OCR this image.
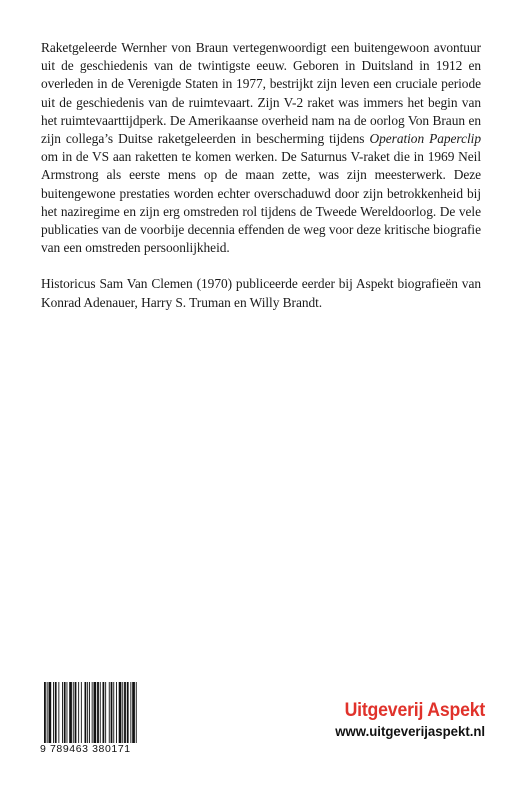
Raketgeleerde Wernher von Braun vertegenwoordigt een buitengewoon avontuur uit de geschiedenis van de twintigste eeuw. Geboren in Duitsland in 1912 en overleden in de Verenigde Staten in 1977, bestrijkt zijn leven een cruciale periode uit de geschiedenis van de ruimtevaart. Zijn V-2 raket was immers het begin van het ruimtevaarttijdperk. De Amerikaanse overheid nam na de oorlog Von Braun en zijn collega’s Duitse raketgeleerden in bescherming tijdens Operation Paperclip om in de VS aan raketten te komen werken. De Saturnus V-raket die in 1969 Neil Armstrong als eerste mens op de maan zette, was zijn meesterwerk. Deze buitengewone prestaties worden echter overschaduwd door zijn betrokkenheid bij het naziregime en zijn erg omstreden rol tijdens de Tweede Wereldoorlog. De vele publicaties van de voorbije decennia effenden de weg voor deze kritische biografie van een omstreden persoonlijkheid.

Historicus Sam Van Clemen (1970) publiceerde eerder bij Aspekt biografieën van Konrad Adenauer, Harry S. Truman en Willy Brandt.

9 789463 380171
Uitgeverij Aspekt
www.uitgeverijaspekt.nl
